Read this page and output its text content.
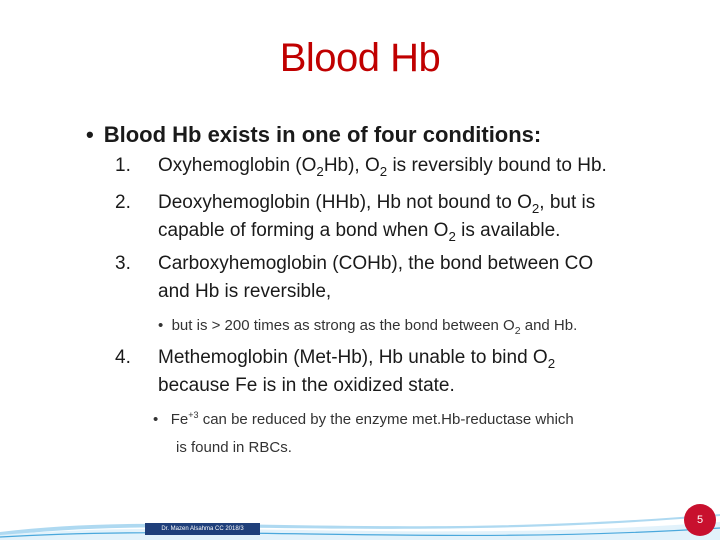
Blood Hb
• Blood Hb exists in one of four conditions:
1. Oxyhemoglobin $(O_2Hb)$, $O_2$ is reversibly bound to Hb.
2. Deoxyhemoglobin (HHb), Hb not bound to $O_2$, but is
capable of forming a bond when $O_2$ is available.
3. Carboxyhemoglobin (COHb), the bond between CO
and Hb is reversible,
•  but is > 200 times as strong as the bond between $O_2$ and Hb.
4. Methemoglobin (Met-Hb), Hb unable to bind $O_2$
because Fe is in the oxidized state.
•   $Fe^{+3}$ can be reduced by the enzyme met.Hb-reductase which
is found in RBCs.
Dr. Mazen Alsahma CC 2018/3
5
